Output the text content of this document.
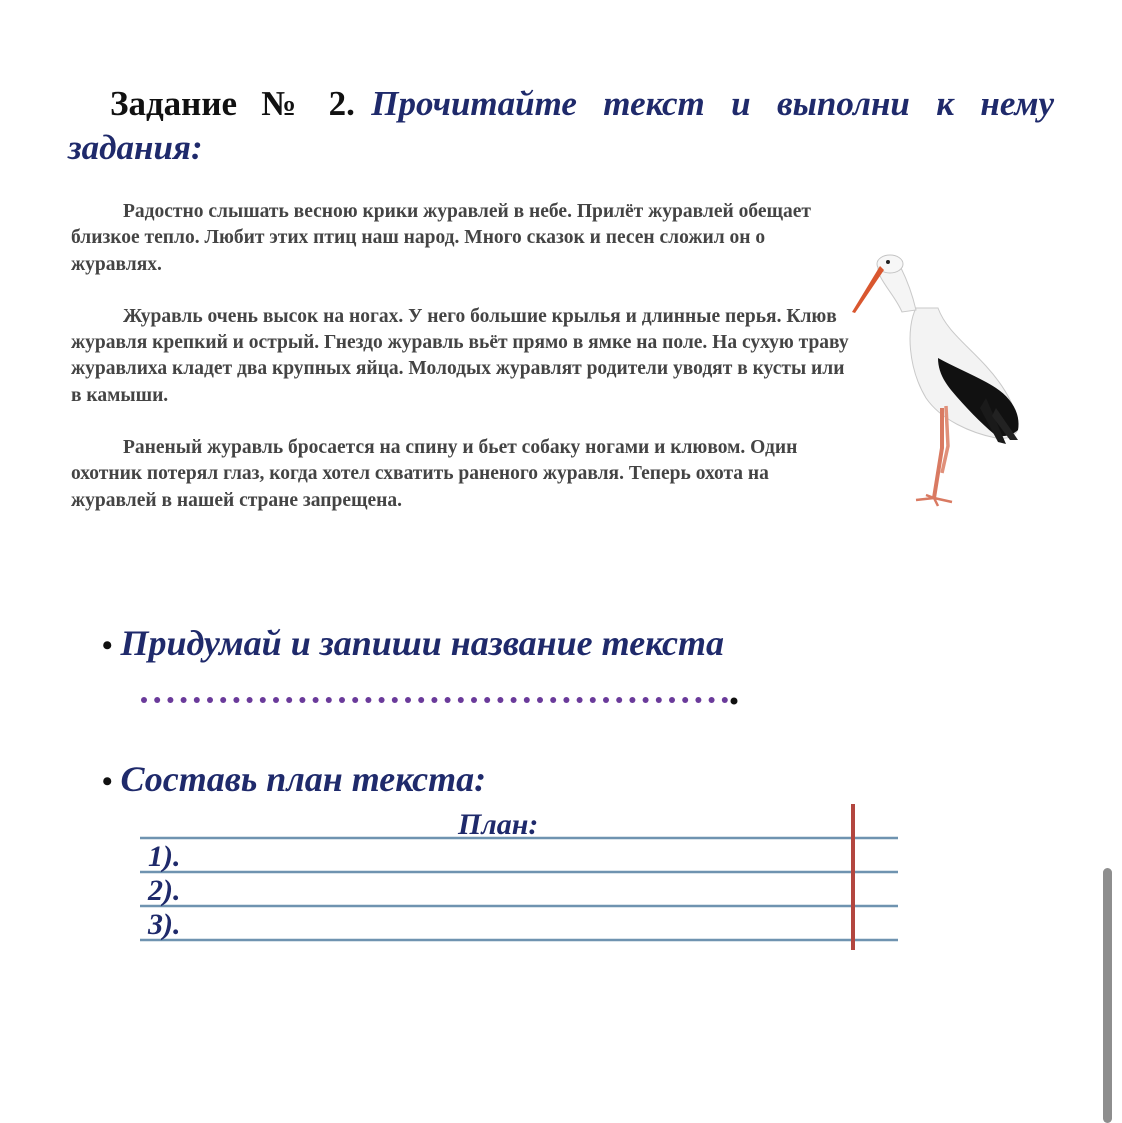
Задание № 2. Прочитайте текст и выполни к нему задания:

Радостно слышать весною крики журавлей в небе. Прилёт журавлей обещает близкое тепло. Любит этих птиц наш народ. Много сказок и песен сложил он о журавлях.

Журавль очень высок на ногах. У него большие крылья и длинные перья. Клюв журавля крепкий и острый. Гнездо журавль вьёт прямо в ямке на поле. На сухую траву журавлиха кладет два крупных яйца. Молодых журавлят родители уводят в кусты или в камыши.

Раненый журавль бросается на спину и бьет собаку ногами и клювом. Один охотник потерял глаз, когда хотел схватить раненого журавля. Теперь охота на журавлей в нашей стране запрещена.

• Придумай и запиши название текста
• Составь план текста:
План:
1).
2).
3).
